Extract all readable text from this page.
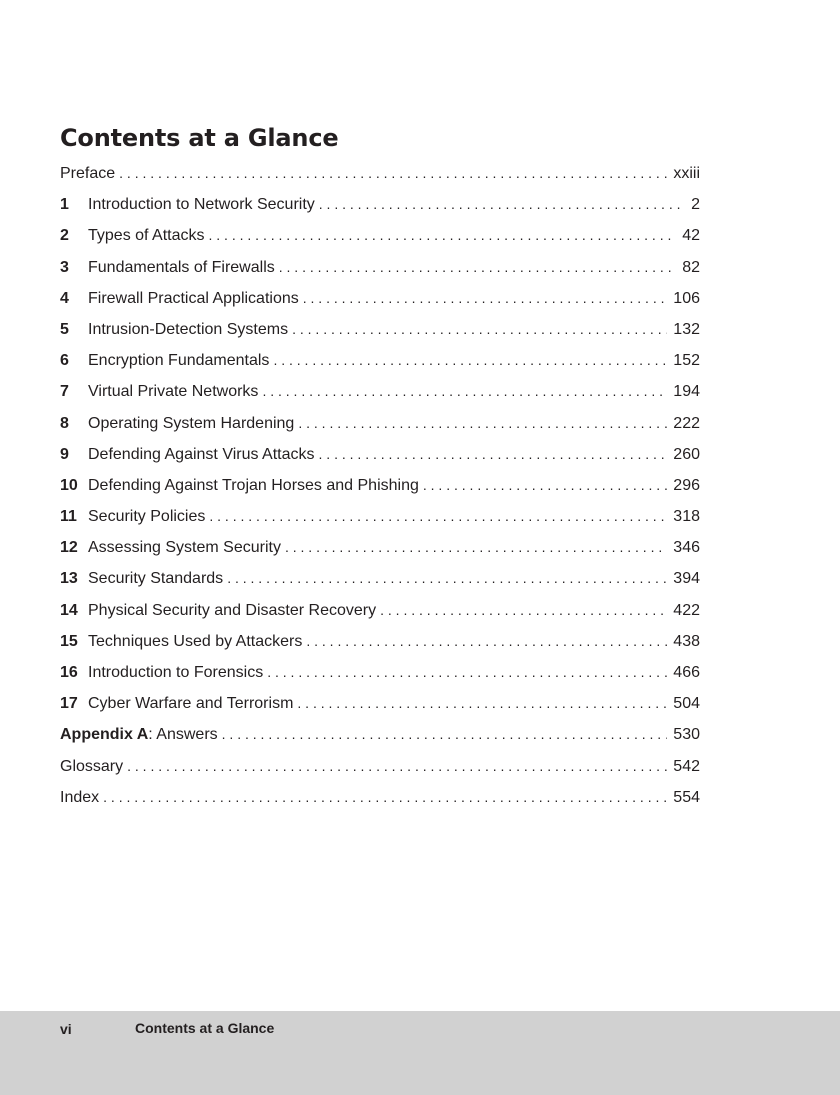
Contents at a Glance
Preface . . .	xxiii
1	Introduction to Network Security . . .	2
2	Types of Attacks . . .	42
3	Fundamentals of Firewalls . . .	82
4	Firewall Practical Applications . . .	106
5	Intrusion-Detection Systems . . .	132
6	Encryption Fundamentals . . .	152
7	Virtual Private Networks . . .	194
8	Operating System Hardening . . .	222
9	Defending Against Virus Attacks . . .	260
10 Defending Against Trojan Horses and Phishing . . .	296
11 Security Policies . . .	318
12 Assessing System Security . . .	346
13 Security Standards . . .	394
14 Physical Security and Disaster Recovery . . .	422
15 Techniques Used by Attackers . . .	438
16 Introduction to Forensics . . .	466
17 Cyber Warfare and Terrorism . . .	504
Appendix A : Answers . . .	530
Glossary . . .	542
Index . . .	554
vi	Contents at a Glance
